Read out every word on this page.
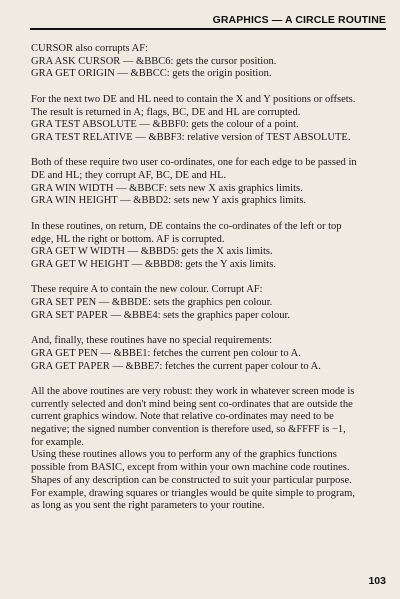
GRAPHICS — A CIRCLE ROUTINE
CURSOR also corrupts AF:
GRA ASK CURSOR — &BBC6: gets the cursor position.
GRA GET ORIGIN — &BBCC: gets the origin position.
For the next two DE and HL need to contain the X and Y positions or offsets.
The result is returned in A; flags, BC, DE and HL are corrupted.
GRA TEST ABSOLUTE — &BBF0: gets the colour of a point.
GRA TEST RELATIVE — &BBF3: relative version of TEST ABSOLUTE.
Both of these require two user co-ordinates, one for each edge to be passed in
DE and HL; they corrupt AF, BC, DE and HL.
GRA WIN WIDTH — &BBCF: sets new X axis graphics limits.
GRA WIN HEIGHT — &BBD2: sets new Y axis graphics limits.
In these routines, on return, DE contains the co-ordinates of the left or top
edge, HL the right or bottom. AF is corrupted.
GRA GET W WIDTH — &BBD5: gets the X axis limits.
GRA GET W HEIGHT — &BBD8: gets the Y axis limits.
These require A to contain the new colour. Corrupt AF:
GRA SET PEN — &BBDE: sets the graphics pen colour.
GRA SET PAPER — &BBE4: sets the graphics paper colour.
And, finally, these routines have no special requirements:
GRA GET PEN — &BBE1: fetches the current pen colour to A.
GRA GET PAPER — &BBE7: fetches the current paper colour to A.
All the above routines are very robust: they work in whatever screen mode is
currently selected and don't mind being sent co-ordinates that are outside the
current graphics window. Note that relative co-ordinates may need to be
negative; the signed number convention is therefore used, so &FFFF is −1,
for example.
Using these routines allows you to perform any of the graphics functions
possible from BASIC, except from within your own machine code routines.
Shapes of any description can be constructed to suit your particular purpose.
For example, drawing squares or triangles would be quite simple to program,
as long as you sent the right parameters to your routine.
103
